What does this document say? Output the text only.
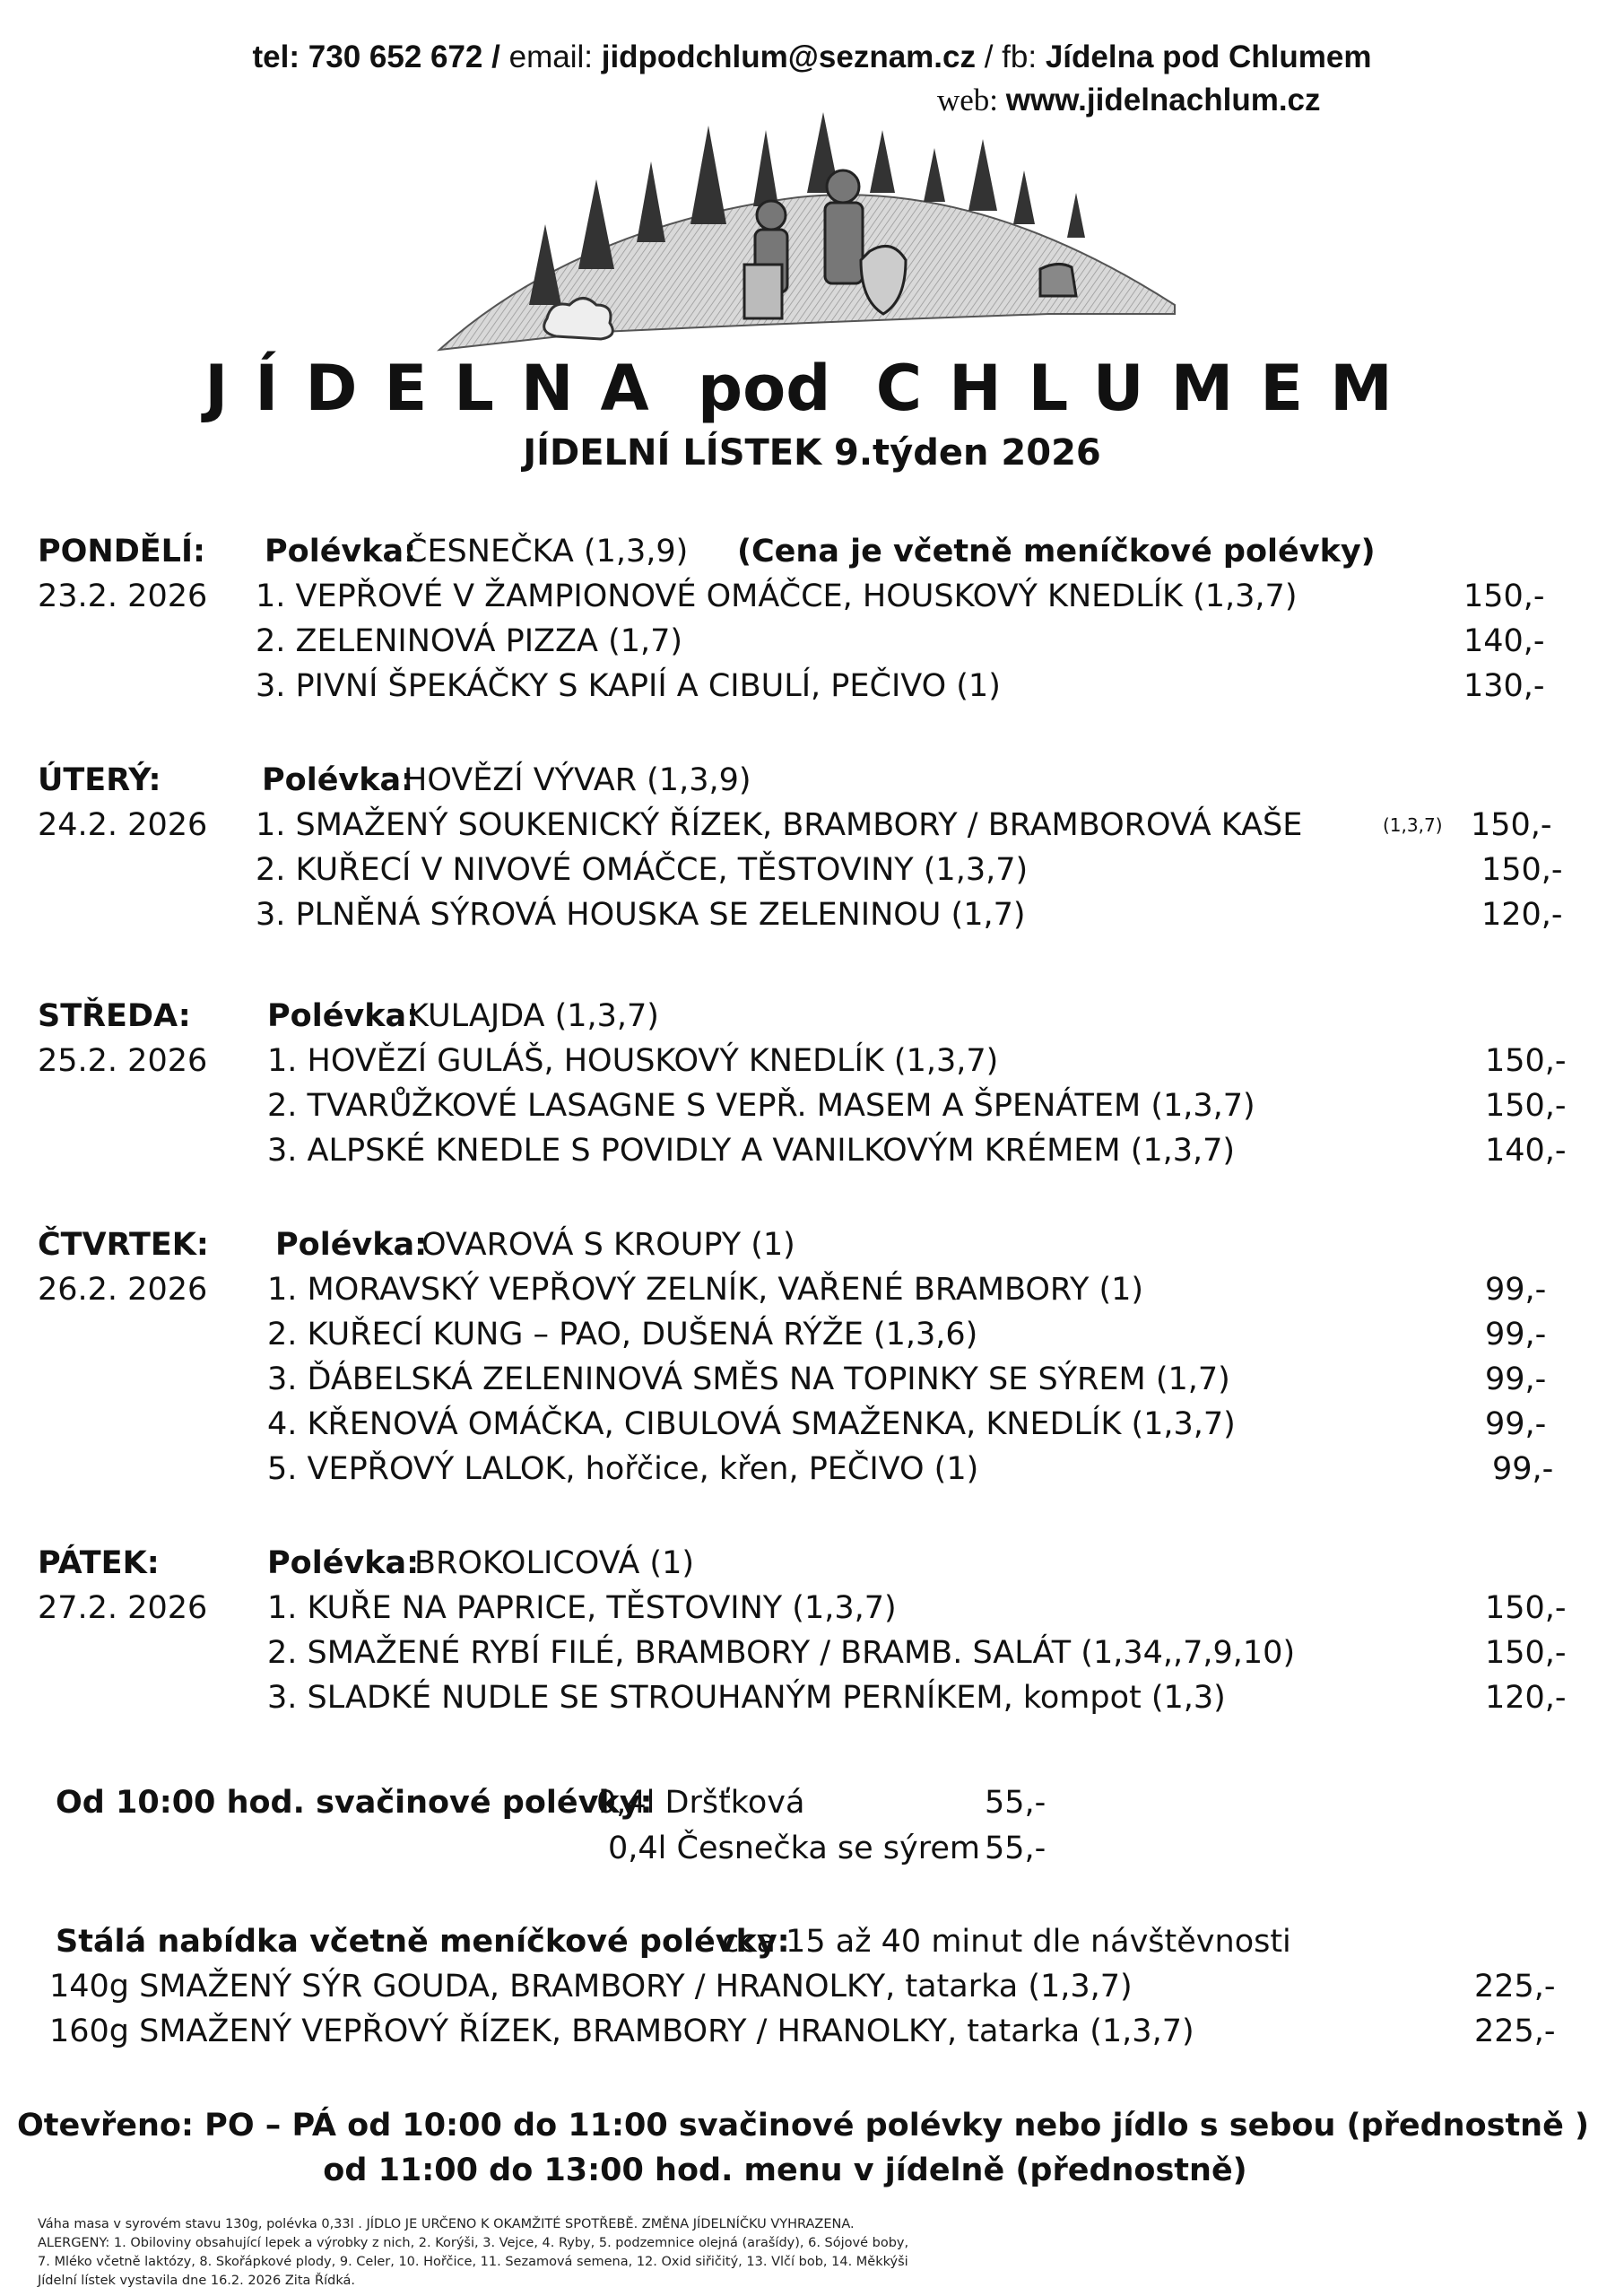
tel: 730 652 672 / email: jidpodchlum@seznam.cz / fb: Jídelna pod Chlumem
web: www.jidelnachlum.cz
JÍDELNA pod CHLUMEM
JÍDELNÍ LÍSTEK 9.týden 2026
PONDĚLÍ: Polévka:
ČESNEČKA (1,3,9) (Cena je včetně meníčkové polévky)
23.2. 2026 1. VEPŘOVÉ V ŽAMPIONOVÉ OMÁČCE, HOUSKOVÝ KNEDLÍK (1,3,7)	150,-
2. ZELENINOVÁ PIZZA (1,7)	140,-
3. PIVNÍ ŠPEKÁČKY S KAPIÍ A CIBULÍ, PEČIVO (1)	130,-
ÚTERÝ:	Polévka:
HOVĚZÍ VÝVAR (1,3,9)
24.2. 2026 1. SMAŽENÝ SOUKENICKÝ ŘÍZEK, BRAMBORY / BRAMBOROVÁ KAŠE	(1,3,7) 150,-
2. KUŘECÍ V NIVOVÉ OMÁČCE, TĚSTOVINY (1,3,7)	150,-
3. PLNĚNÁ SÝROVÁ HOUSKA SE ZELENINOU (1,7)	120,-
STŘEDA: Polévka:
KULAJDA (1,3,7)
25.2. 2026 1. HOVĚZÍ GULÁŠ, HOUSKOVÝ KNEDLÍK (1,3,7)	150,-
2. TVARŮŽKOVÉ LASAGNE S VEPŘ. MASEM A ŠPENÁTEM (1,3,7)	150,-
3. ALPSKÉ KNEDLE S POVIDLY A VANILKOVÝM KRÉMEM (1,3,7)	140,-
ČTVRTEK: Polévka:
OVAROVÁ S KROUPY (1)
26.2. 2026 1. MORAVSKÝ VEPŘOVÝ ZELNÍK, VAŘENÉ BRAMBORY (1)	99,-
2. KUŘECÍ KUNG – PAO, DUŠENÁ RÝŽE (1,3,6)	99,-
3. ĎÁBELSKÁ ZELENINOVÁ SMĚS NA TOPINKY SE SÝREM (1,7)	99,-
4. KŘENOVÁ OMÁČKA, CIBULOVÁ SMAŽENKA, KNEDLÍK (1,3,7)	99,-
5. VEPŘOVÝ LALOK, hořčice, křen, PEČIVO (1)	99,-
PÁTEK:	Polévka:
BROKOLICOVÁ (1)
27.2. 2026 1. KUŘE NA PAPRICE, TĚSTOVINY (1,3,7)	150,-
2. SMAŽENÉ RYBÍ FILÉ, BRAMBORY / BRAMB. SALÁT (1,34,,7,9,10)	150,-
3. SLADKÉ NUDLE SE STROUHANÝM PERNÍKEM, kompot (1,3)	120,-
Od 10:00 hod. svačinové polévky:
0,4l Dršťková	55,-
0,4l Česnečka se sýrem 55,-
Stálá nabídka včetně meníčkové polévky:
cca 15 až 40 minut dle návštěvnosti
140g SMAŽENÝ SÝR GOUDA, BRAMBORY / HRANOLKY, tatarka (1,3,7)	225,-
160g SMAŽENÝ VEPŘOVÝ ŘÍZEK, BRAMBORY / HRANOLKY, tatarka (1,3,7)	225,-
Otevřeno: PO – PÁ od 10:00 do 11:00 svačinové polévky nebo jídlo s sebou (přednostně )
od 11:00 do 13:00 hod. menu v jídelně (přednostně)
Váha masa v syrovém stavu 130g, polévka 0,33l . JÍDLO JE URČENO K OKAMŽITÉ SPOTŘEBĚ. ZMĚNA JÍDELNÍČKU VYHRAZENA.
ALERGENY: 1. Obiloviny obsahující lepek a výrobky z nich, 2. Korýši, 3. Vejce, 4. Ryby, 5. podzemnice olejná (arašídy), 6. Sójové boby,
7. Mléko včetně laktózy, 8. Skořápkové plody, 9. Celer, 10. Hořčice, 11. Sezamová semena, 12. Oxid siřičitý, 13. Vlčí bob, 14. Měkkýši
Jídelní lístek vystavila dne 16.2. 2026 Zita Řídká.
